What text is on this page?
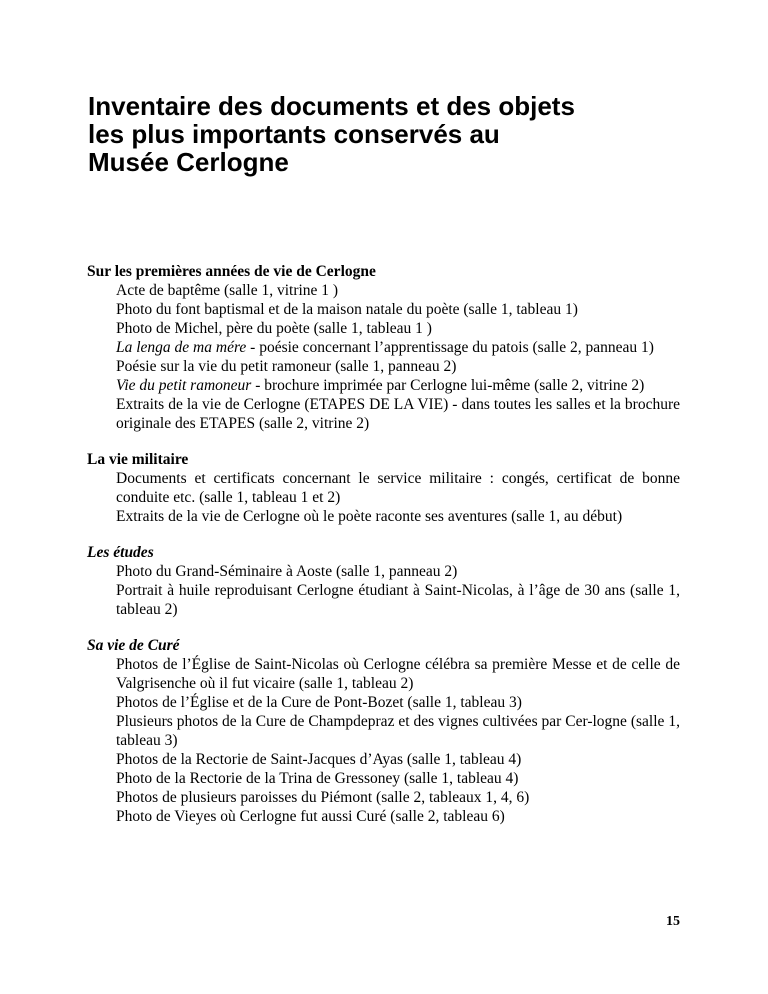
Inventaire des documents et des objets
les plus importants conservés au
Musée Cerlogne
Sur les premières années de vie de Cerlogne
Acte de baptême (salle 1, vitrine 1 )
Photo du font baptismal et de la maison natale du poète (salle 1, tableau 1)
Photo de Michel, père du poète (salle 1, tableau 1 )
La lenga de ma mére - poésie concernant l’apprentissage du patois (salle 2, panneau 1)
Poésie sur la vie du petit ramoneur (salle 1, panneau 2)
Vie du petit ramoneur - brochure imprimée par Cerlogne lui-même (salle 2, vitrine 2)
Extraits de la vie de Cerlogne (ETAPES DE LA VIE) - dans toutes les salles et la brochure originale des ETAPES (salle 2, vitrine 2)
La vie militaire
Documents et certificats concernant le service militaire : congés, certificat de bonne conduite etc. (salle 1, tableau 1 et 2)
Extraits de la vie de Cerlogne où le poète raconte ses aventures (salle 1, au début)
Les études
Photo du Grand-Séminaire à Aoste (salle 1, panneau 2)
Portrait à huile reproduisant Cerlogne étudiant à Saint-Nicolas, à l’âge de 30 ans (salle 1, tableau 2)
Sa vie de Curé
Photos de l’Église de Saint-Nicolas où Cerlogne célébra sa première Messe et de celle de Valgrisenche où il fut vicaire (salle 1, tableau 2)
Photos de l’Église et de la Cure de Pont-Bozet (salle 1, tableau 3)
Plusieurs photos de la Cure de Champdepraz et des vignes cultivées par Cer-logne (salle 1, tableau 3)
Photos de la Rectorie de Saint-Jacques d’Ayas (salle 1, tableau 4)
Photo de la Rectorie de la Trina de Gressoney (salle 1, tableau 4)
Photos de plusieurs paroisses du Piémont (salle 2, tableaux 1, 4, 6)
Photo de Vieyes où Cerlogne fut aussi Curé (salle 2, tableau 6)
15
